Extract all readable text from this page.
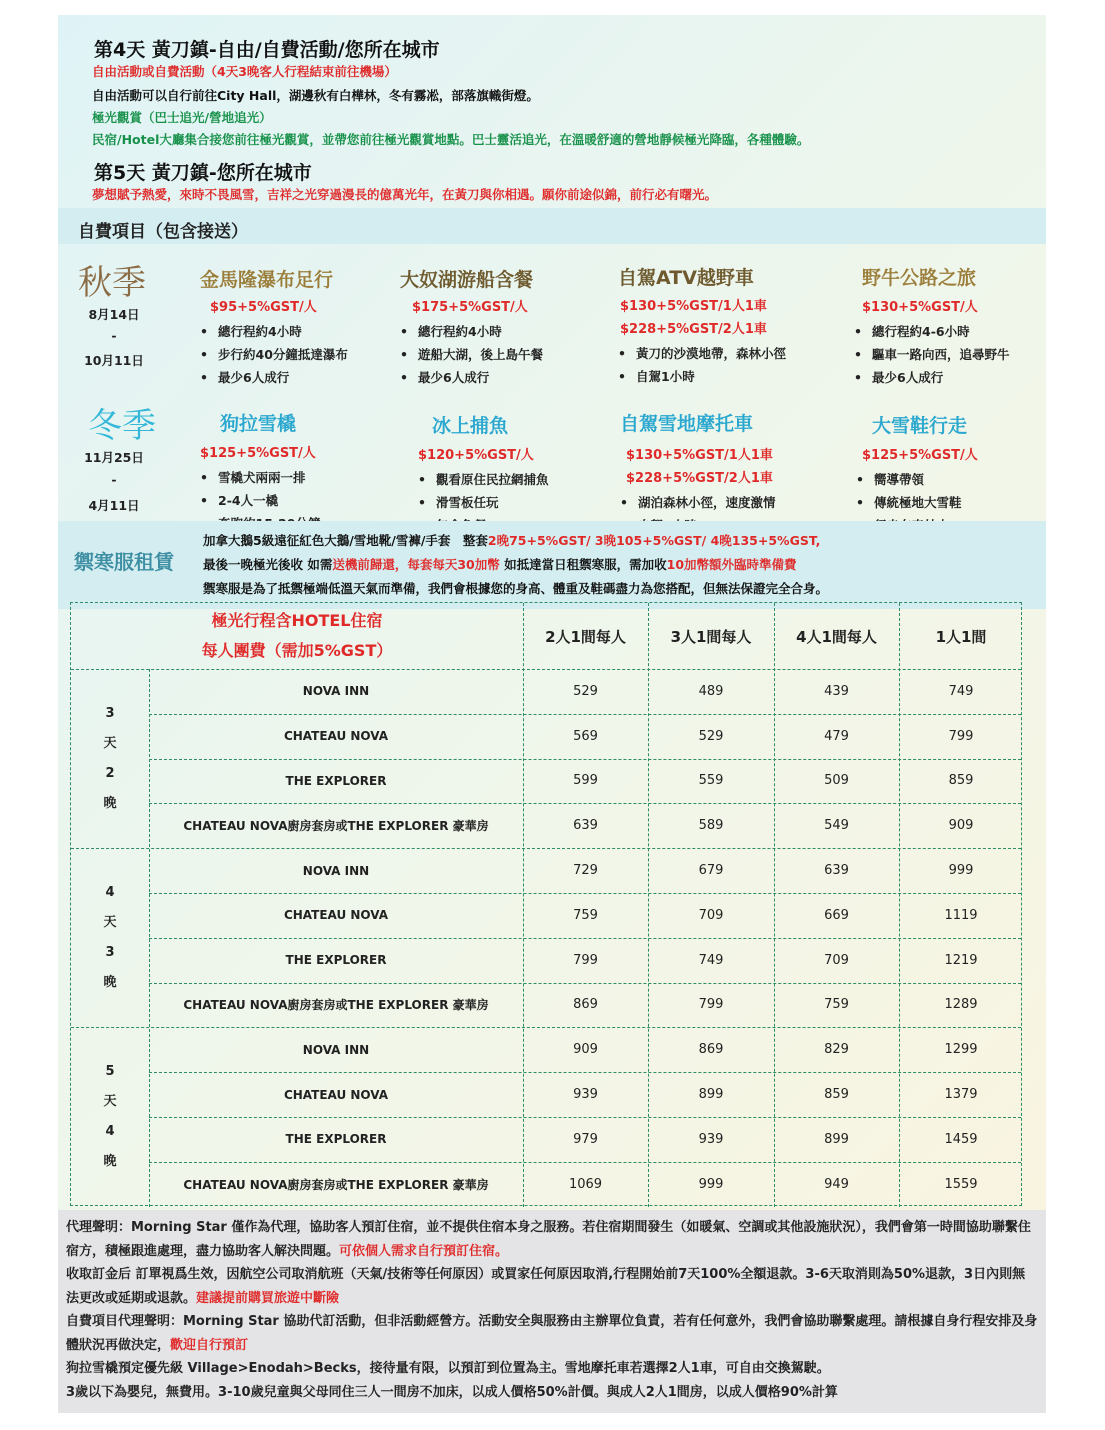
第4天 黃刀鎮-自由/自費活動/您所在城市
自由活動或自費活動（4天3晚客人行程結束前往機場）
自由活動可以自行前往City Hall，湖邊秋有白樺林，冬有霧凇，部落旗幟街燈。
極光觀賞（巴士追光/營地追光）
民宿/Hotel大廳集合接您前往極光觀賞，並帶您前往極光觀賞地點。巴士靈活追光，在溫暖舒適的營地靜候極光降臨，各種體驗。
第5天 黃刀鎮-您所在城市
夢想賦予熱愛，來時不畏風雪，吉祥之光穿過漫長的億萬光年，在黃刀與你相遇。願你前途似錦，前行必有曙光。
自費項目（包含接送）
秋季
8月14日
-
10月11日
金馬隆瀑布足行
$95+5%GST/人
• 總行程約4小時
• 步行約40分鐘抵達瀑布
• 最少6人成行
大奴湖游船含餐
$175+5%GST/人
• 總行程約4小時
• 遊船大湖，後上島午餐
• 最少6人成行
自駕ATV越野車
$130+5%GST/1人1車
$228+5%GST/2人1車
• 黃刀的沙漠地帶，森林小徑
• 自駕1小時
野牛公路之旅
$130+5%GST/人
• 總行程約4-6小時
• 驅車一路向西，追尋野牛
• 最少6人成行
冬季
11月25日
-
4月11日
狗拉雪橇
$125+5%GST/人
• 雪橇犬兩兩一排
• 2-4人一橇
•
冰上捕魚
$120+5%GST/人
• 觀看原住民拉網捕魚
• 滑雪板任玩
•
自駕雪地摩托車
$130+5%GST/1人1車
$228+5%GST/2人1車
• 湖泊森林小徑，速度激情
•
大雪鞋行走
$125+5%GST/人
• 嚮導帶領
• 傳統極地大雪鞋
•
禦寒服租賃
加拿大鵝5級遠征紅色大鵝/雪地靴/雪褲/手套　整套2晚75+5%GST/ 3晚105+5%GST/ 4晚135+5%GST,
最後一晚極光後收 如需送機前歸還，每套每天30加幣 如抵達當日租禦寒服，需加收10加幣額外臨時準備費
禦寒服是為了抵禦極端低溫天氣而準備，我們會根據您的身高、體重及鞋碼盡力為您搭配，但無法保證完全合身。

代理聲明：Morning Star 僅作為代理，協助客人預訂住宿，並不提供住宿本身之服務。若住宿期間發生（如暖氣、空調或其他設施狀況），我們會第一時間協助聯繫住宿方，積極跟進處理，盡力協助客人解決問題。可依個人需求自行預訂住宿。

收取訂金后 訂單視爲生效，因航空公司取消航班（天氣/技術等任何原因）或買家任何原因取消,行程開始前7天100%全額退款。3-6天取消則為50%退款，3日內則無法更改或延期或退款。建議提前購買旅遊中斷險

自費項目代理聲明：Morning Star 協助代訂活動，但非活動經營方。活動安全與服務由主辦單位負責，若有任何意外，我們會協助聯繫處理。請根據自身行程安排及身體狀況再做決定，歡迎自行預訂

狗拉雪橇預定優先級 Village>Enodah>Becks，接待量有限，以預訂到位置為主。雪地摩托車若選擇2人1車，可自由交換駕駛。

3歲以下為嬰兒，無費用。3-10歲兒童與父母同住三人一間房不加床，以成人價格50%計價。與成人2人1間房，以成人價格90%計算

極光行程含HOTEL住宿
每人團費（需加5%GST）
2人1間每人	3人1間每人	4人1間每人	1人1間
3
天
2
晚
NOVA INN	529	489	439	749
CHATEAU NOVA	569	529	479	799
THE EXPLORER	599	559	509	859
CHATEAU NOVA廚房套房或THE EXPLORER 豪華房	639	589	549	909
4
天
3
晚
NOVA INN	729	679	639	999
CHATEAU NOVA	759	709	669	1119
THE EXPLORER	799	749	709	1219
CHATEAU NOVA廚房套房或THE EXPLORER 豪華房	869	799	759	1289
5
天
4
晚
NOVA INN	909	869	829	1299
CHATEAU NOVA	939	899	859	1379
THE EXPLORER	979	939	899	1459
CHATEAU NOVA廚房套房或THE EXPLORER 豪華房	1069	999	949	1559
